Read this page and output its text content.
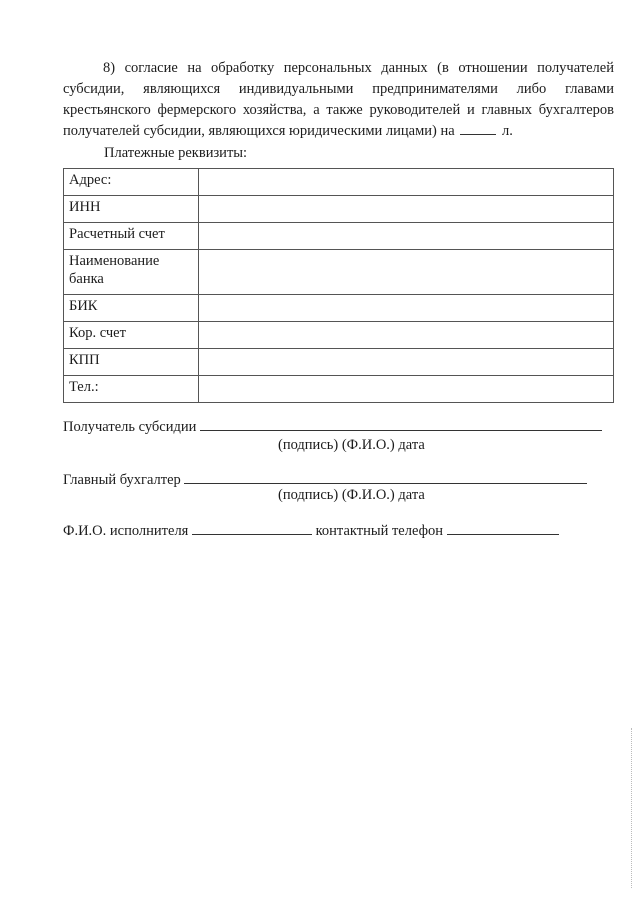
8) согласие на обработку персональных данных (в отношении получателей субсидии, являющихся индивидуальными предпринимателями либо главами крестьянского фермерского хозяйства, а также руководителей и главных бухгалтеров получателей субсидии, являющихся юридическими лицами) на	л.
Платежные реквизиты:
Адрес:	
ИНН	
Расчетный счет	
Наименование банка	
БИК	
Кор. счет	
КПП	
Тел.:	
Получатель субсидии
(подпись) (Ф.И.О.) дата
Главный бухгалтер
(подпись) (Ф.И.О.) дата
Ф.И.О. исполнителя	контактный телефон
